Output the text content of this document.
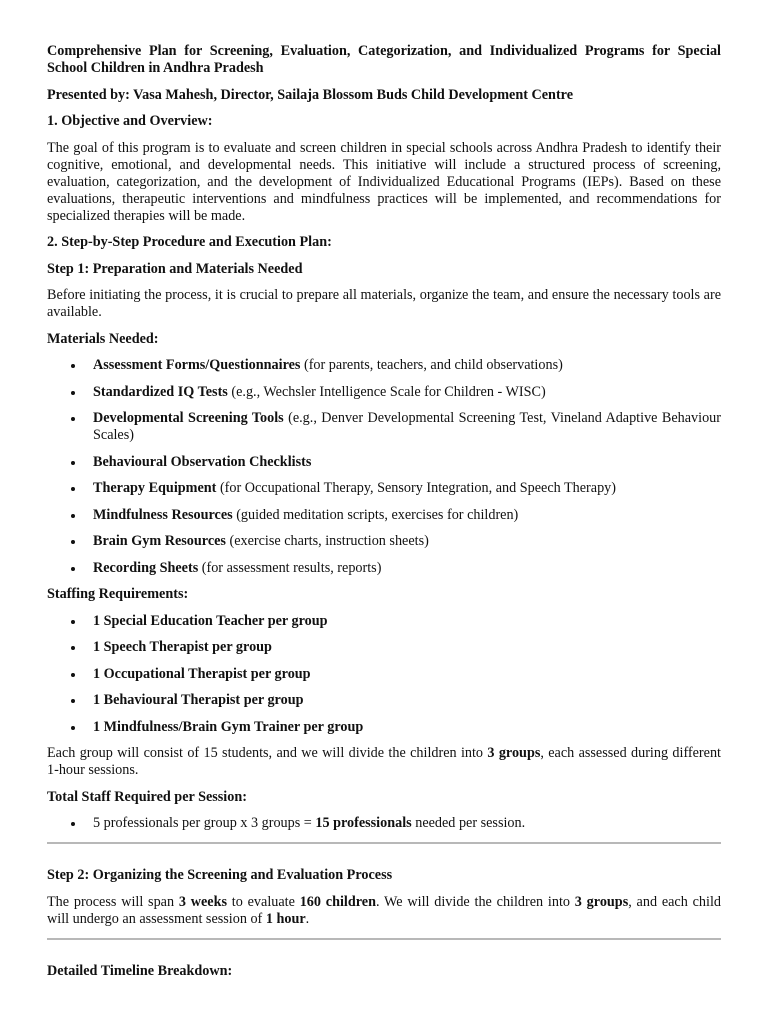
Comprehensive Plan for Screening, Evaluation, Categorization, and Individualized Programs for Special School Children in Andhra Pradesh
Presented by: Vasa Mahesh, Director, Sailaja Blossom Buds Child Development Centre
1. Objective and Overview:

The goal of this program is to evaluate and screen children in special schools across Andhra Pradesh to identify their cognitive, emotional, and developmental needs. This initiative will include a structured process of screening, evaluation, categorization, and the development of Individualized Educational Programs (IEPs). Based on these evaluations, therapeutic interventions and mindfulness practices will be implemented, and recommendations for specialized therapies will be made.

2. Step-by-Step Procedure and Execution Plan:
Step 1: Preparation and Materials Needed

Before initiating the process, it is crucial to prepare all materials, organize the team, and ensure the necessary tools are available.

Materials Needed:
Assessment Forms/Questionnaires (for parents, teachers, and child observations)
Standardized IQ Tests (e.g., Wechsler Intelligence Scale for Children - WISC)
Developmental Screening Tools (e.g., Denver Developmental Screening Test, Vineland Adaptive Behaviour Scales)
Behavioural Observation Checklists
Therapy Equipment (for Occupational Therapy, Sensory Integration, and Speech Therapy)
Mindfulness Resources (guided meditation scripts, exercises for children)
Brain Gym Resources (exercise charts, instruction sheets)
Recording Sheets (for assessment results, reports)
Staffing Requirements:
1 Special Education Teacher per group
1 Speech Therapist per group
1 Occupational Therapist per group
1 Behavioural Therapist per group
1 Mindfulness/Brain Gym Trainer per group

Each group will consist of 15 students, and we will divide the children into 3 groups, each assessed during different 1-hour sessions.

Total Staff Required per Session:
5 professionals per group x 3 groups = 15 professionals needed per session.
Step 2: Organizing the Screening and Evaluation Process

The process will span 3 weeks to evaluate 160 children. We will divide the children into 3 groups, and each child will undergo an assessment session of 1 hour.

Detailed Timeline Breakdown:
